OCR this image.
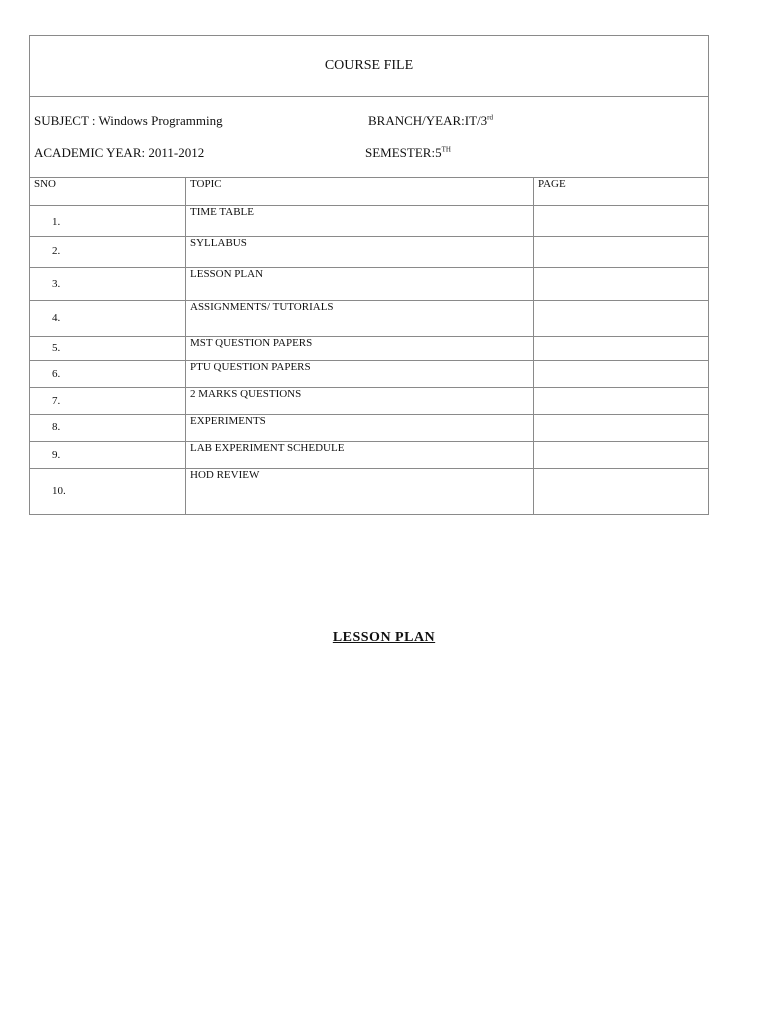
COURSE FILE		

SUBJECT : Windows Programming BRANCH/YEAR:IT/3rd
ACADEMIC YEAR: 2011-2012 SEMESTER:5TH

SNO	TOPIC	PAGE

1.	TIME TABLE	

2.	SYLLABUS	

3.	LESSON PLAN	

4.	ASSIGNMENTS/ TUTORIALS	

5.	MST QUESTION PAPERS	

6.	PTU QUESTION PAPERS	

7.	2 MARKS QUESTIONS	

8.	EXPERIMENTS	

9.	LAB EXPERIMENT SCHEDULE	

10.	HOD REVIEW	

LESSON PLAN
